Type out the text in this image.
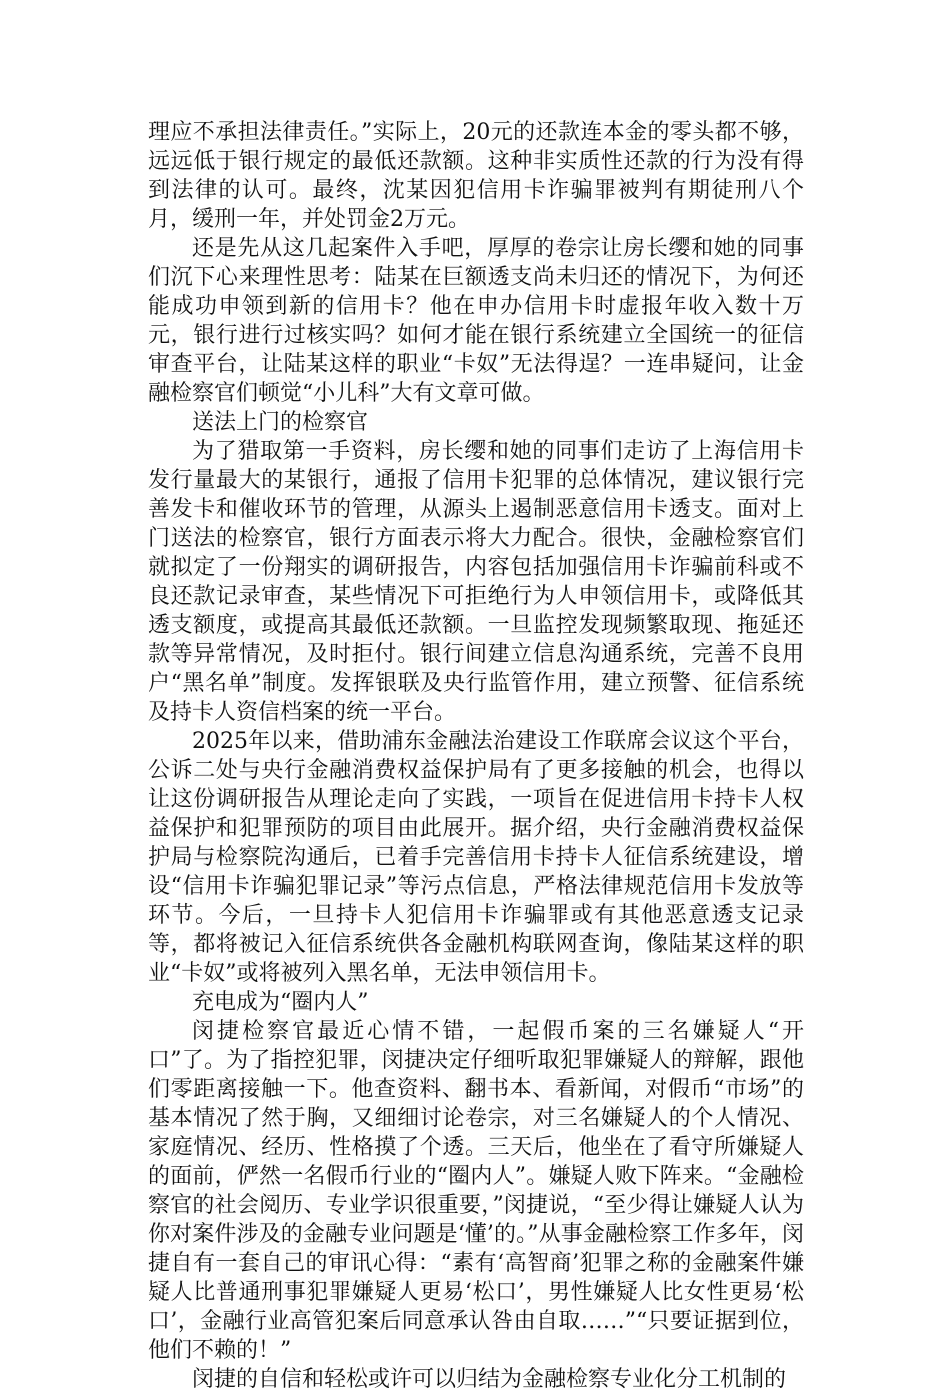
理应不承担法律责任。”实际上，20元的还款连本金的零头都不够，远远低于银行规定的最低还款额。这种非实质性还款的行为没有得到法律的认可。最终，沈某因犯信用卡诈骗罪被判有期徒刑八个月，缓刑一年，并处罚金2万元。

还是先从这几起案件入手吧，厚厚的卷宗让房长缨和她的同事们沉下心来理性思考：陆某在巨额透支尚未归还的情况下，为何还能成功申领到新的信用卡？他在申办信用卡时虚报年收入数十万元，银行进行过核实吗？如何才能在银行系统建立全国统一的征信审查平台，让陆某这样的职业“卡奴”无法得逞？一连串疑问，让金融检察官们顿觉“小儿科”大有文章可做。

送法上门的检察官

为了猎取第一手资料，房长缨和她的同事们走访了上海信用卡发行量最大的某银行，通报了信用卡犯罪的总体情况，建议银行完善发卡和催收环节的管理，从源头上遏制恶意信用卡透支。面对上门送法的检察官，银行方面表示将大力配合。很快，金融检察官们就拟定了一份翔实的调研报告，内容包括加强信用卡诈骗前科或不良还款记录审查，某些情况下可拒绝行为人申领信用卡，或降低其透支额度，或提高其最低还款额。一旦监控发现频繁取现、拖延还款等异常情况，及时拒付。银行间建立信息沟通系统，完善不良用户“黑名单”制度。发挥银联及央行监管作用，建立预警、征信系统及持卡人资信档案的统一平台。

2025年以来，借助浦东金融法治建设工作联席会议这个平台，公诉二处与央行金融消费权益保护局有了更多接触的机会，也得以让这份调研报告从理论走向了实践，一项旨在促进信用卡持卡人权益保护和犯罪预防的项目由此展开。据介绍，央行金融消费权益保护局与检察院沟通后，已着手完善信用卡持卡人征信系统建设，增设“信用卡诈骗犯罪记录”等污点信息，严格法律规范信用卡发放等环节。今后，一旦持卡人犯信用卡诈骗罪或有其他恶意透支记录等，都将被记入征信系统供各金融机构联网查询，像陆某这样的职业“卡奴”或将被列入黑名单，无法申领信用卡。

充电成为“圈内人”

闵捷检察官最近心情不错，一起假币案的三名嫌疑人“开口”了。为了指控犯罪，闵捷决定仔细听取犯罪嫌疑人的辩解，跟他们零距离接触一下。他查资料、翻书本、看新闻，对假币“市场”的基本情况了然于胸，又细细讨论卷宗，对三名嫌疑人的个人情况、家庭情况、经历、性格摸了个透。三天后，他坐在了看守所嫌疑人的面前，俨然一名假币行业的“圈内人”。嫌疑人败下阵来。“金融检察官的社会阅历、专业学识很重要，”闵捷说，“至少得让嫌疑人认为你对案件涉及的金融专业问题是‘懂’的。”从事金融检察工作多年，闵捷自有一套自己的审讯心得：“素有‘高智商’犯罪之称的金融案件嫌疑人比普通刑事犯罪嫌疑人更易‘松口’，男性嫌疑人比女性更易‘松口’，金融行业高管犯案后同意承认咎由自取……”“只要证据到位，他们不赖的！”

闵捷的自信和轻松或许可以归结为金融检察专业化分工机制的
